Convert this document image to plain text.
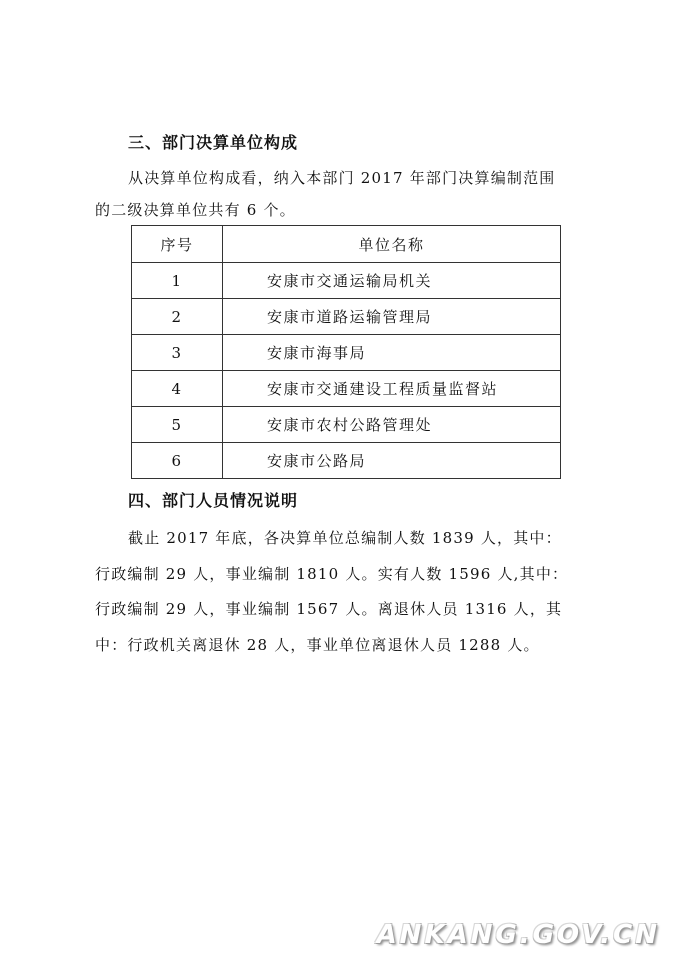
三、部门决算单位构成
从决算单位构成看，纳入本部门 2017 年部门决算编制范围
的二级决算单位共有 6 个。
序号	单位名称
1	安康市交通运输局机关
2	安康市道路运输管理局
3	安康市海事局
4	安康市交通建设工程质量监督站
5	安康市农村公路管理处
6	安康市公路局
四、部门人员情况说明
截止 2017 年底，各决算单位总编制人数 1839 人，其中：
行政编制 29 人，事业编制 1810 人。实有人数 1596 人,其中：
行政编制 29 人，事业编制 1567 人。离退休人员 1316 人，其
中：行政机关离退休 28 人，事业单位离退休人员 1288 人。
ANKANG.GOV.CN
